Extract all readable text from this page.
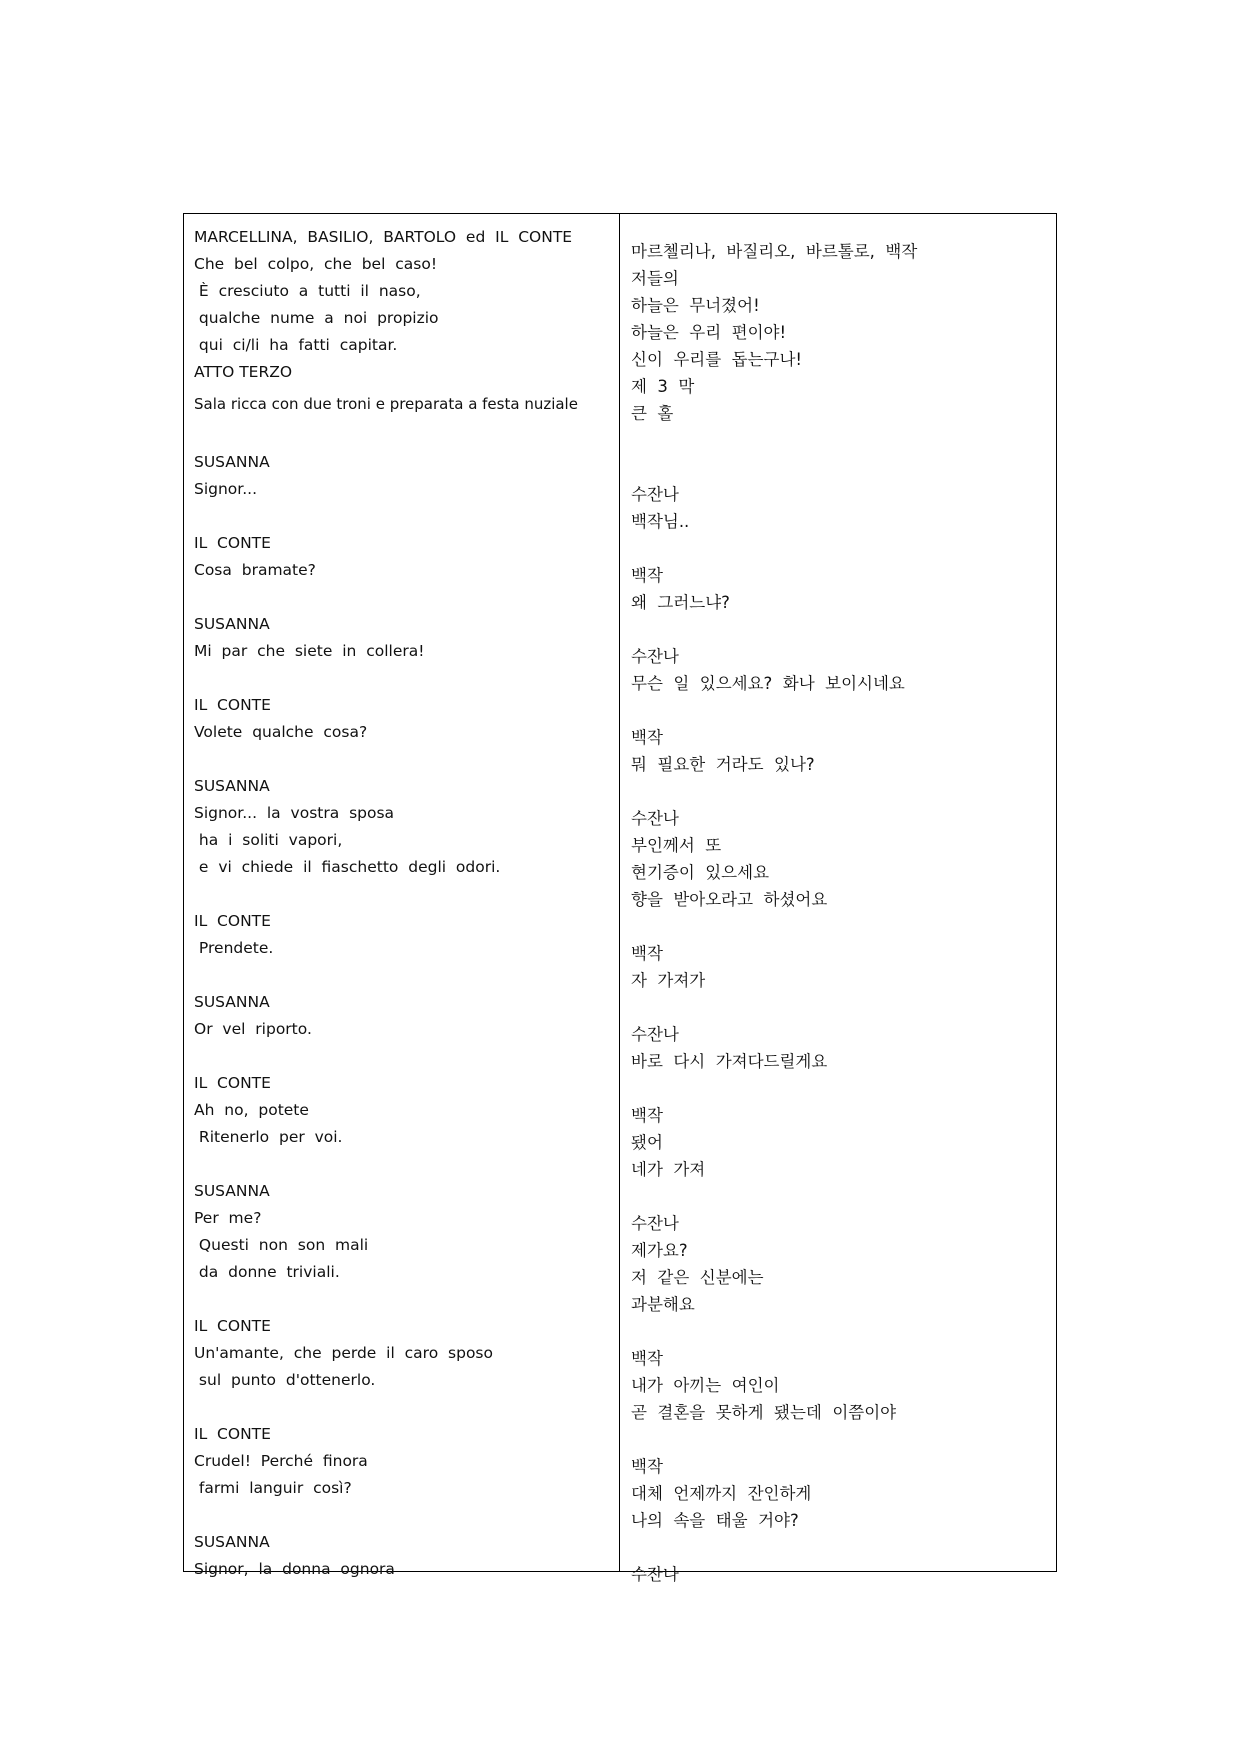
MARCELLINA,  BASILIO,  BARTOLO  ed  IL  CONTE
Che  bel  colpo,  che  bel  caso!
È  cresciuto  a  tutti  il  naso,
qualche  nume  a  noi  propizio
qui  ci/li  ha  fatti  capitar.
ATTO TERZO
Sala ricca con due troni e preparata a festa nuziale
SUSANNA
Signor...
IL  CONTE
Cosa  bramate?
SUSANNA
Mi  par  che  siete  in  collera!
IL  CONTE
Volete  qualche  cosa?
SUSANNA
Signor...  la  vostra  sposa
ha  i  soliti  vapori,
e  vi  chiede  il  fiaschetto  degli  odori.
IL  CONTE
Prendete.
SUSANNA
Or  vel  riporto.
IL  CONTE
Ah  no,  potete
Ritenerlo  per  voi.
SUSANNA
Per  me?
Questi  non  son  mali
da  donne  triviali.
IL  CONTE
Un'amante,  che  perde  il  caro  sposo
sul  punto  d'ottenerlo.
IL  CONTE
Crudel!  Perché  finora
farmi  languir  così?
SUSANNA
Signor,  la  donna  ognora
마르첼리나,  바질리오,  바르톨로,  백작
저들의
하늘은  무너졌어!
하늘은  우리  편이야!
신이  우리를  돕는구나!
제  3  막
큰  홀
수잔나
백작님..
백작
왜  그러느냐?
수잔나
무슨  일  있으세요?  화나  보이시네요
백작
뭐  필요한  거라도  있나?
수잔나
부인께서  또
현기증이  있으세요
향을  받아오라고  하셨어요
백작
자  가져가
수잔나
바로  다시  가져다드릴게요
백작
됐어
네가  가져
수잔나
제가요?
저  같은  신분에는
과분해요
백작
내가  아끼는  여인이
곧  결혼을  못하게  됐는데  이쯤이야
백작
대체  언제까지  잔인하게
나의  속을  태울  거야?
수잔나
